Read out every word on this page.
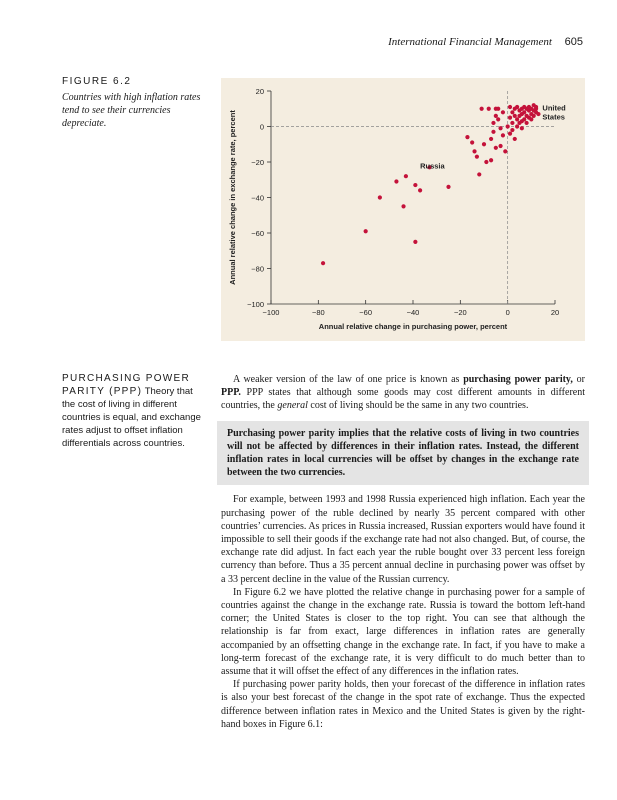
International Financial Management 605
FIGURE 6.2
Countries with high inflation rates tend to see their currencies depreciate.
−100
−80
−60
−40
−20
0
20
−100	−80	−60	−40	−20	0	20
Annual relative change in purchasing power, percent
Annual relative change in exchange rate, percent	Russia
United States
PURCHASING POWER PARITY (PPP) Theory that the cost of living in different countries is equal, and exchange rates adjust to offset inflation differentials across countries.

A weaker version of the law of one price is known as purchasing power parity, or PPP. PPP states that although some goods may cost different amounts in different countries, the general cost of living should be the same in any two countries.

Purchasing power parity implies that the relative costs of living in two countries will not be affected by differences in their inflation rates. Instead, the different inflation rates in local currencies will be offset by changes in the exchange rate between the two currencies.

For example, between 1993 and 1998 Russia experienced high inflation. Each year the purchasing power of the ruble declined by nearly 35 percent compared with other countries’ currencies. As prices in Russia increased, Russian exporters would have found it impossible to sell their goods if the exchange rate had not also changed. But, of course, the exchange rate did adjust. In fact each year the ruble bought over 33 percent less foreign currency than before. Thus a 35 percent annual decline in purchasing power was offset by a 33 percent decline in the value of the Russian currency.

In Figure 6.2 we have plotted the relative change in purchasing power for a sample of countries against the change in the exchange rate. Russia is toward the bottom left-hand corner; the United States is closer to the top right. You can see that although the relationship is far from exact, large differences in inflation rates are generally accompanied by an offsetting change in the exchange rate. In fact, if you have to make a long-term forecast of the exchange rate, it is very difficult to do much better than to assume that it will offset the effect of any differences in the inflation rates.

If purchasing power parity holds, then your forecast of the difference in inflation rates is also your best forecast of the change in the spot rate of exchange. Thus the expected difference between inflation rates in Mexico and the United States is given by the right-hand boxes in Figure 6.1:
